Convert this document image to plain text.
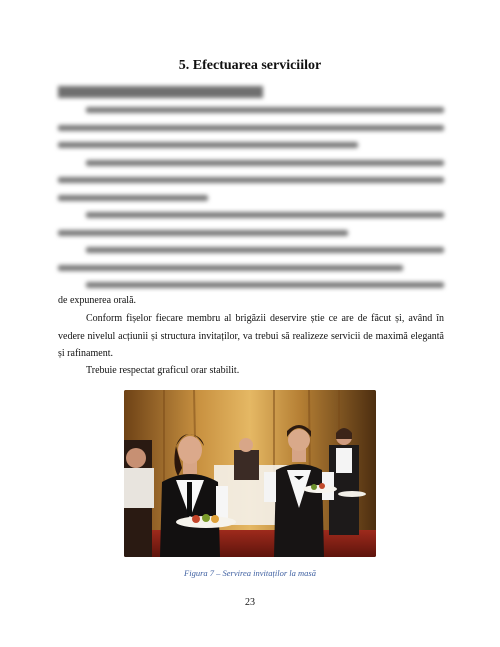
5. Efectuarea serviciilor
de expunerea orală.
Conform fișelor fiecare membru al brigăzii deservire știe ce are de făcut și, având în vedere nivelul acțiunii și structura invitaților, va trebui să realizeze servicii de maximă elegantă și rafinament.
Trebuie respectat graficul orar stabilit.
Figura 7 – Servirea invitaților la masă
23
